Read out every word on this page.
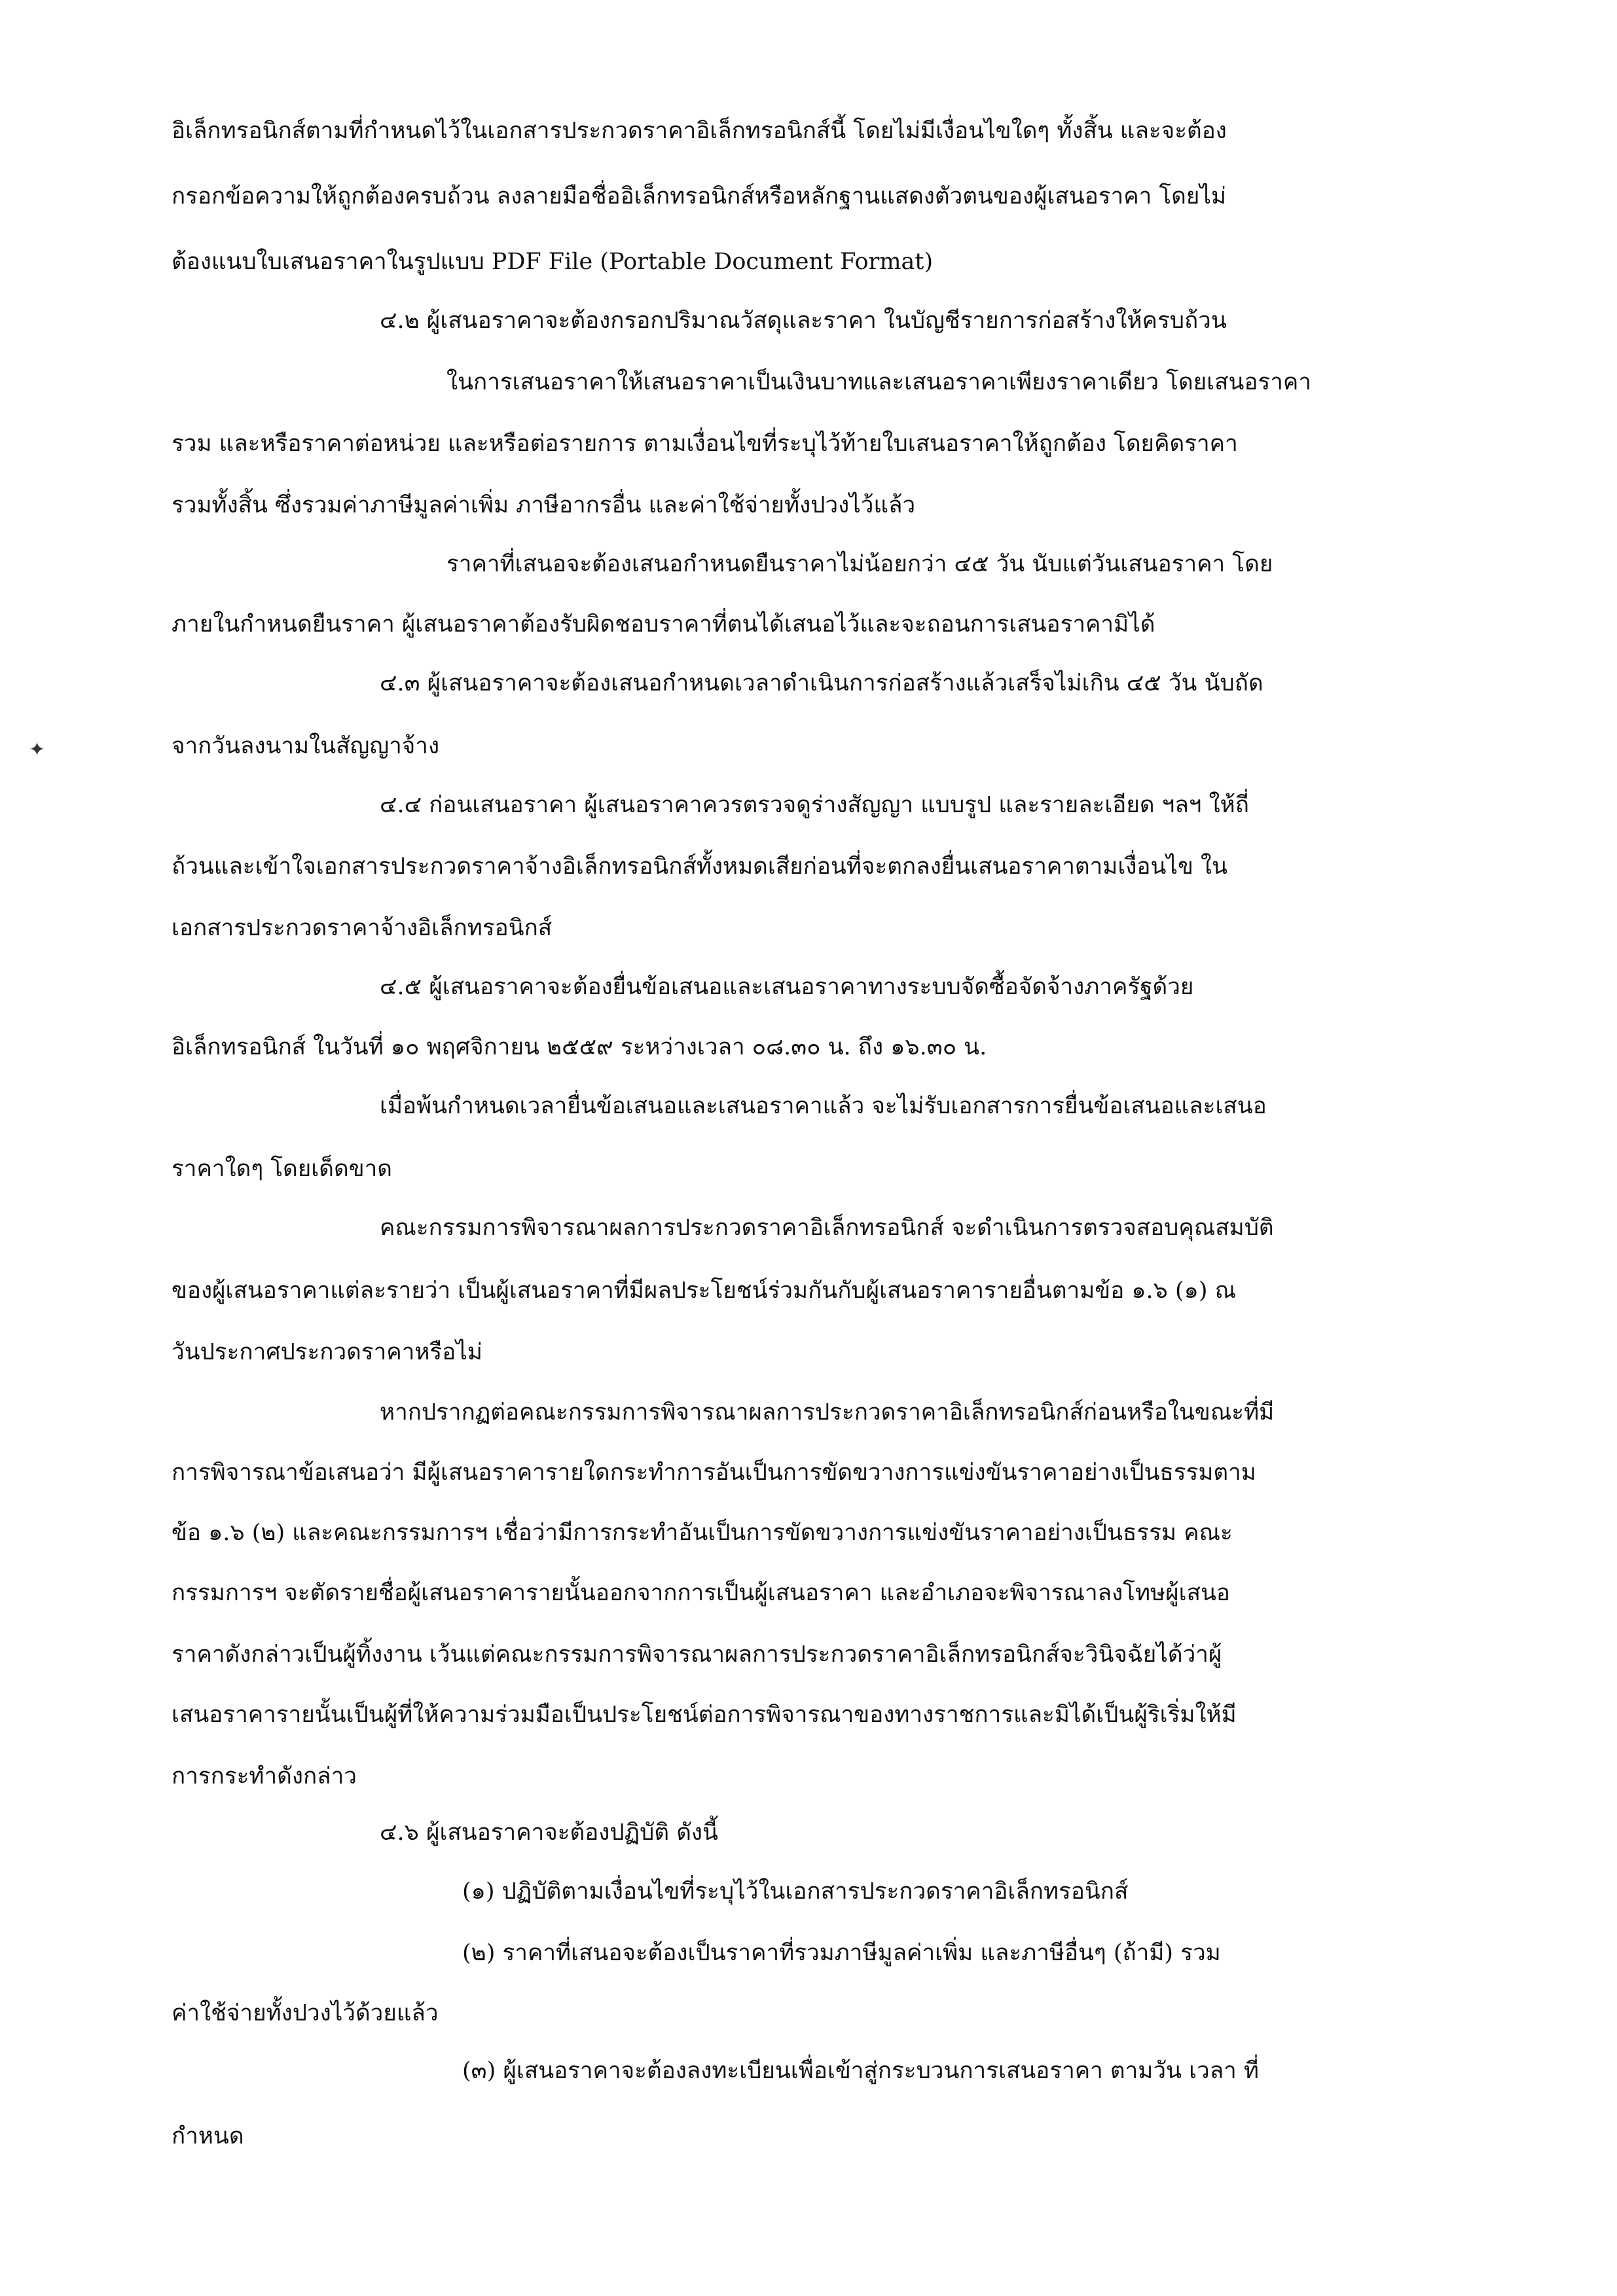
อิเล็กทรอนิกส์ตามที่กำหนดไว้ในเอกสารประกวดราคาอิเล็กทรอนิกส์นี้ โดยไม่มีเงื่อนไขใดๆ ทั้งสิ้น และจะต้อง
กรอกข้อความให้ถูกต้องครบถ้วน ลงลายมือชื่ออิเล็กทรอนิกส์หรือหลักฐานแสดงตัวตนของผู้เสนอราคา โดยไม่
ต้องแนบใบเสนอราคาในรูปแบบ PDF File (Portable Document Format)
๔.๒ ผู้เสนอราคาจะต้องกรอกปริมาณวัสดุและราคา ในบัญชีรายการก่อสร้างให้ครบถ้วน
ในการเสนอราคาให้เสนอราคาเป็นเงินบาทและเสนอราคาเพียงราคาเดียว โดยเสนอราคา
รวม และหรือราคาต่อหน่วย และหรือต่อรายการ ตามเงื่อนไขที่ระบุไว้ท้ายใบเสนอราคาให้ถูกต้อง โดยคิดราคา
รวมทั้งสิ้น ซึ่งรวมค่าภาษีมูลค่าเพิ่ม ภาษีอากรอื่น และค่าใช้จ่ายทั้งปวงไว้แล้ว
ราคาที่เสนอจะต้องเสนอกำหนดยืนราคาไม่น้อยกว่า ๔๕ วัน นับแต่วันเสนอราคา โดย
ภายในกำหนดยืนราคา ผู้เสนอราคาต้องรับผิดชอบราคาที่ตนได้เสนอไว้และจะถอนการเสนอราคามิได้
๔.๓ ผู้เสนอราคาจะต้องเสนอกำหนดเวลาดำเนินการก่อสร้างแล้วเสร็จไม่เกิน ๔๕ วัน นับถัด
จากวันลงนามในสัญญาจ้าง
๔.๔ ก่อนเสนอราคา ผู้เสนอราคาควรตรวจดูร่างสัญญา แบบรูป และรายละเอียด ฯลฯ ให้ถี่
ถ้วนและเข้าใจเอกสารประกวดราคาจ้างอิเล็กทรอนิกส์ทั้งหมดเสียก่อนที่จะตกลงยื่นเสนอราคาตามเงื่อนไข ใน
เอกสารประกวดราคาจ้างอิเล็กทรอนิกส์
๔.๕ ผู้เสนอราคาจะต้องยื่นข้อเสนอและเสนอราคาทางระบบจัดซื้อจัดจ้างภาครัฐด้วย
อิเล็กทรอนิกส์ ในวันที่ ๑๐ พฤศจิกายน ๒๕๕๙ ระหว่างเวลา ๐๘.๓๐ น. ถึง ๑๖.๓๐ น.
เมื่อพ้นกำหนดเวลายื่นข้อเสนอและเสนอราคาแล้ว จะไม่รับเอกสารการยื่นข้อเสนอและเสนอ
ราคาใดๆ โดยเด็ดขาด
คณะกรรมการพิจารณาผลการประกวดราคาอิเล็กทรอนิกส์ จะดำเนินการตรวจสอบคุณสมบัติ
ของผู้เสนอราคาแต่ละรายว่า เป็นผู้เสนอราคาที่มีผลประโยชน์ร่วมกันกับผู้เสนอราคารายอื่นตามข้อ ๑.๖ (๑) ณ
วันประกาศประกวดราคาหรือไม่
หากปรากฏต่อคณะกรรมการพิจารณาผลการประกวดราคาอิเล็กทรอนิกส์ก่อนหรือในขณะที่มี
การพิจารณาข้อเสนอว่า มีผู้เสนอราคารายใดกระทำการอันเป็นการขัดขวางการแข่งขันราคาอย่างเป็นธรรมตาม
ข้อ ๑.๖ (๒) และคณะกรรมการฯ เชื่อว่ามีการกระทำอันเป็นการขัดขวางการแข่งขันราคาอย่างเป็นธรรม คณะ
กรรมการฯ จะตัดรายชื่อผู้เสนอราคารายนั้นออกจากการเป็นผู้เสนอราคา และอำเภอจะพิจารณาลงโทษผู้เสนอ
ราคาดังกล่าวเป็นผู้ทิ้งงาน เว้นแต่คณะกรรมการพิจารณาผลการประกวดราคาอิเล็กทรอนิกส์จะวินิจฉัยได้ว่าผู้
เสนอราคารายนั้นเป็นผู้ที่ให้ความร่วมมือเป็นประโยชน์ต่อการพิจารณาของทางราชการและมิได้เป็นผู้ริเริ่มให้มี
การกระทำดังกล่าว
๔.๖ ผู้เสนอราคาจะต้องปฏิบัติ ดังนี้
(๑) ปฏิบัติตามเงื่อนไขที่ระบุไว้ในเอกสารประกวดราคาอิเล็กทรอนิกส์
(๒) ราคาที่เสนอจะต้องเป็นราคาที่รวมภาษีมูลค่าเพิ่ม และภาษีอื่นๆ (ถ้ามี) รวม
ค่าใช้จ่ายทั้งปวงไว้ด้วยแล้ว
(๓) ผู้เสนอราคาจะต้องลงทะเบียนเพื่อเข้าสู่กระบวนการเสนอราคา ตามวัน เวลา ที่
กำหนด
✦
